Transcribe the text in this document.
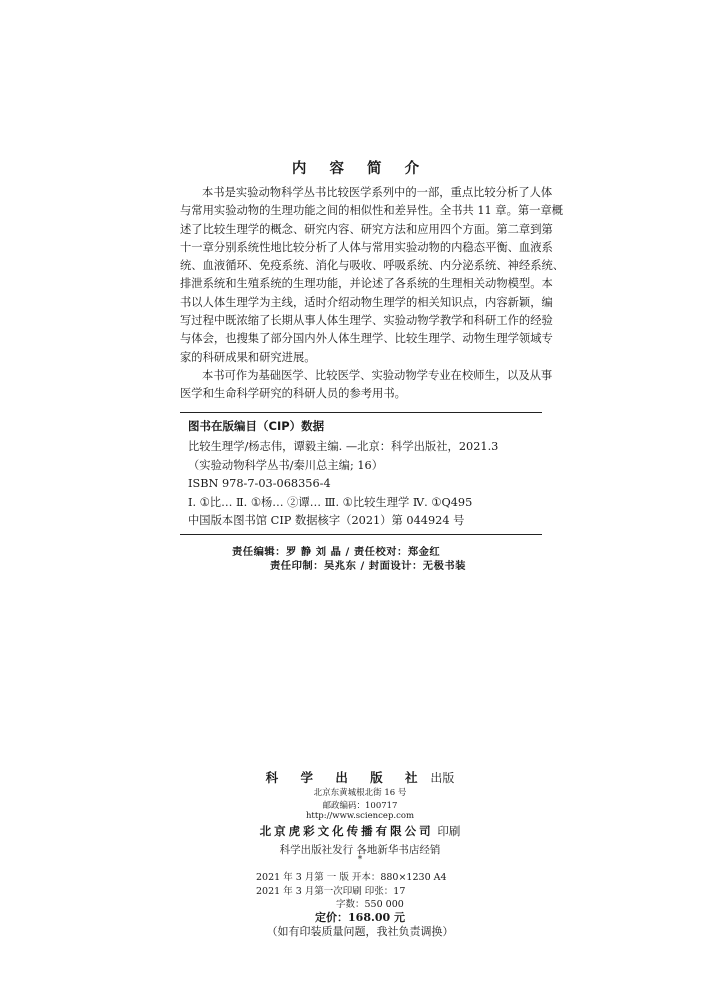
内 容 简 介

本书是实验动物科学丛书比较医学系列中的一部，重点比较分析了人体
与常用实验动物的生理功能之间的相似性和差异性。全书共 11 章。第一章概
述了比较生理学的概念、研究内容、研究方法和应用四个方面。第二章到第
十一章分别系统性地比较分析了人体与常用实验动物的内稳态平衡、血液系
统、血液循环、免疫系统、消化与吸收、呼吸系统、内分泌系统、神经系统、
排泄系统和生殖系统的生理功能，并论述了各系统的生理相关动物模型。本
书以人体生理学为主线，适时介绍动物生理学的相关知识点，内容新颖，编
写过程中既浓缩了长期从事人体生理学、实验动物学教学和科研工作的经验
与体会，也搜集了部分国内外人体生理学、比较生理学、动物生理学领域专
家的科研成果和研究进展。

本书可作为基础医学、比较医学、实验动物学专业在校师生，以及从事
医学和生命科学研究的科研人员的参考用书。

图书在版编目（CIP）数据
比较生理学/杨志伟，谭毅主编. —北京：科学出版社，2021.3
（实验动物科学丛书/秦川总主编; 16）
ISBN 978-7-03-068356-4
Ⅰ. ①比… Ⅱ. ①杨… ②谭… Ⅲ. ①比较生理学 Ⅳ. ①Q495
中国版本图书馆 CIP 数据核字（2021）第 044924 号
责任编辑：罗 静 刘 晶 / 责任校对：郑金红
责任印制：吴兆东 / 封面设计：无极书装
科 学 出 版 社 出版
北京东黄城根北街 16 号
邮政编码：100717
http://www.sciencep.com
北京虎彩文化传播有限公司 印刷
科学出版社发行 各地新华书店经销
*
2021 年 3 月第 一 版 开本：880×1230 A4
2021 年 3 月第一次印刷 印张：17
字数：550 000
定价：168.00 元
（如有印装质量问题，我社负责调换）
